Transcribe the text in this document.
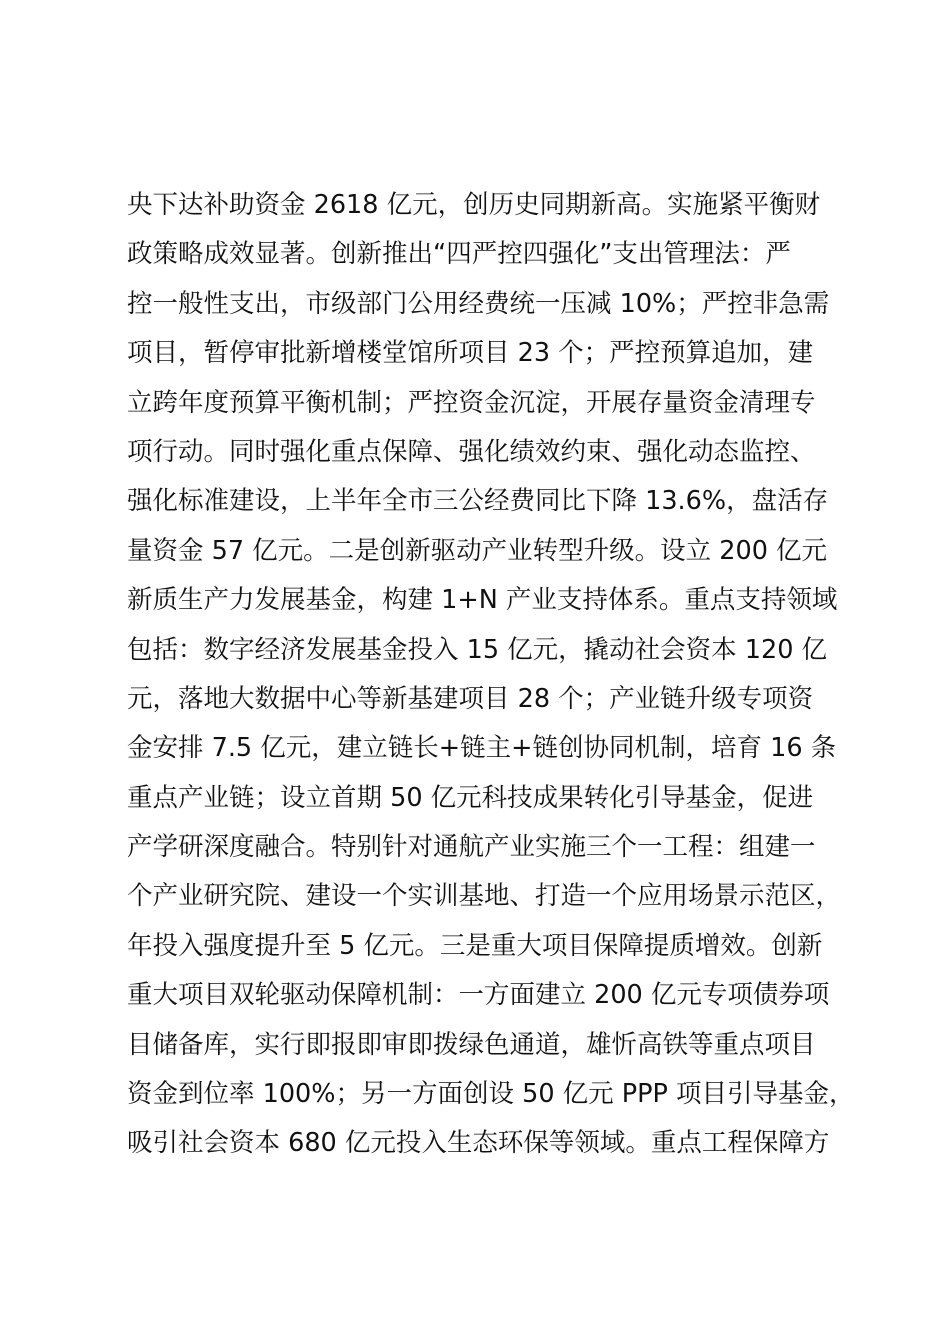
央下达补助资金 2618 亿元，创历史同期新高。实施紧平衡财
政策略成效显著。创新推出“四严控四强化”支出管理法：严
控一般性支出，市级部门公用经费统一压减 10%；严控非急需
项目，暂停审批新增楼堂馆所项目 23 个；严控预算追加，建
立跨年度预算平衡机制；严控资金沉淀，开展存量资金清理专
项行动。同时强化重点保障、强化绩效约束、强化动态监控、
强化标准建设，上半年全市三公经费同比下降 13.6%，盘活存
量资金 57 亿元。二是创新驱动产业转型升级。设立 200 亿元
新质生产力发展基金，构建 1+N 产业支持体系。重点支持领域
包括：数字经济发展基金投入 15 亿元，撬动社会资本 120 亿
元，落地大数据中心等新基建项目 28 个；产业链升级专项资
金安排 7.5 亿元，建立链长+链主+链创协同机制，培育 16 条
重点产业链；设立首期 50 亿元科技成果转化引导基金，促进
产学研深度融合。特别针对通航产业实施三个一工程：组建一
个产业研究院、建设一个实训基地、打造一个应用场景示范区，
年投入强度提升至 5 亿元。三是重大项目保障提质增效。创新
重大项目双轮驱动保障机制：一方面建立 200 亿元专项债券项
目储备库，实行即报即审即拨绿色通道，雄忻高铁等重点项目
资金到位率 100%；另一方面创设 50 亿元 PPP 项目引导基金，
吸引社会资本 680 亿元投入生态环保等领域。重点工程保障方
